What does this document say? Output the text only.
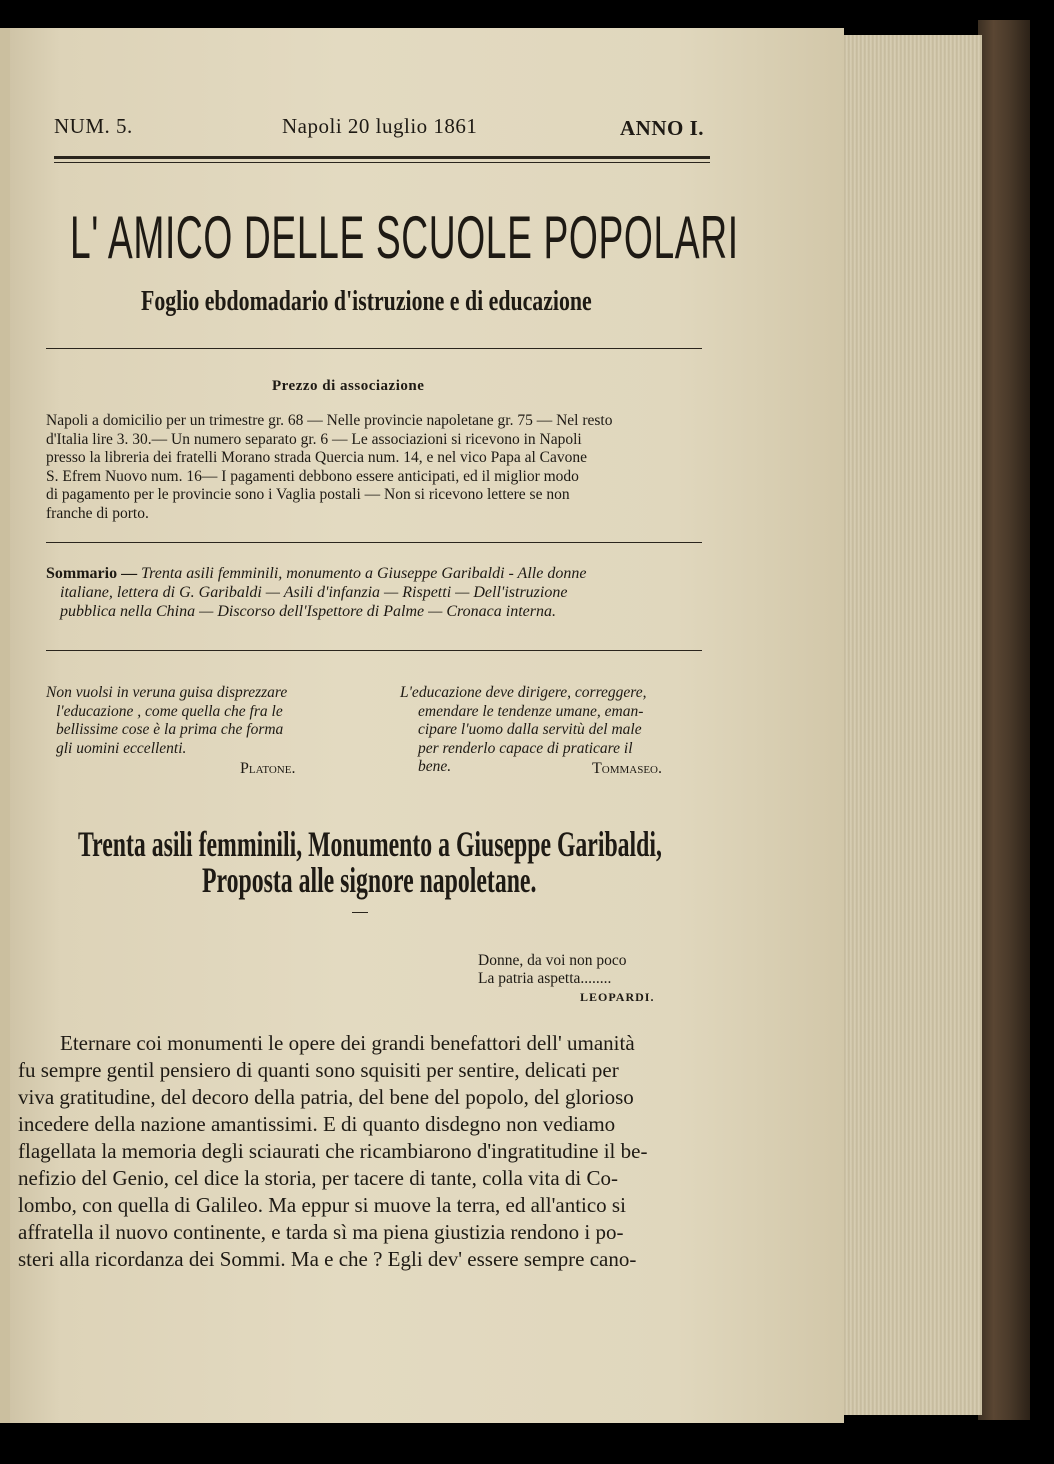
NUM. 5.	Napoli 20 luglio 1861	ANNO I.
L' AMICO DELLE SCUOLE POPOLARI
Foglio ebdomadario d'istruzione e di educazione
Prezzo di associazione
Napoli a domicilio per un trimestre gr. 68 — Nelle provincie napoletane gr. 75 — Nel resto
d'Italia lire 3. 30.— Un numero separato gr. 6 — Le associazioni si ricevono in Napoli
presso la libreria dei fratelli Morano strada Quercia num. 14, e nel vico Papa al Cavone
S. Efrem Nuovo num. 16— I pagamenti debbono essere anticipati, ed il miglior modo
di pagamento per le provincie sono i Vaglia postali — Non si ricevono lettere se non
franche di porto.
Sommario — Trenta asili femminili, monumento a Giuseppe Garibaldi - Alle donne
italiane, lettera di G. Garibaldi — Asili d'infanzia — Rispetti — Dell'istruzione
pubblica nella China — Discorso dell'Ispettore di Palme — Cronaca interna.
Non vuolsi in veruna guisa disprezzare
l'educazione , come quella che fra le
bellissime cose è la prima che forma
gli uomini eccellenti.
Platone.
L'educazione deve dirigere, correggere,
emendare le tendenze umane, eman-
cipare l'uomo dalla servitù del male
per renderlo capace di praticare il
bene.	Tommaseo.
Trenta asili femminili, Monumento a Giuseppe Garibaldi,
Proposta alle signore napoletane.
Donne, da voi non poco
La patria aspetta........
LEOPARDI.
Eternare coi monumenti le opere dei grandi benefattori dell' umanità
fu sempre gentil pensiero di quanti sono squisiti per sentire, delicati per
viva gratitudine, del decoro della patria, del bene del popolo, del glorioso
incedere della nazione amantissimi. E di quanto disdegno non vediamo
flagellata la memoria degli sciaurati che ricambiarono d'ingratitudine il be-
nefizio del Genio, cel dice la storia, per tacere di tante, colla vita di Co-
lombo, con quella di Galileo. Ma eppur si muove la terra, ed all'antico si
affratella il nuovo continente, e tarda sì ma piena giustizia rendono i po-
steri alla ricordanza dei Sommi. Ma e che ? Egli dev' essere sempre cano-
